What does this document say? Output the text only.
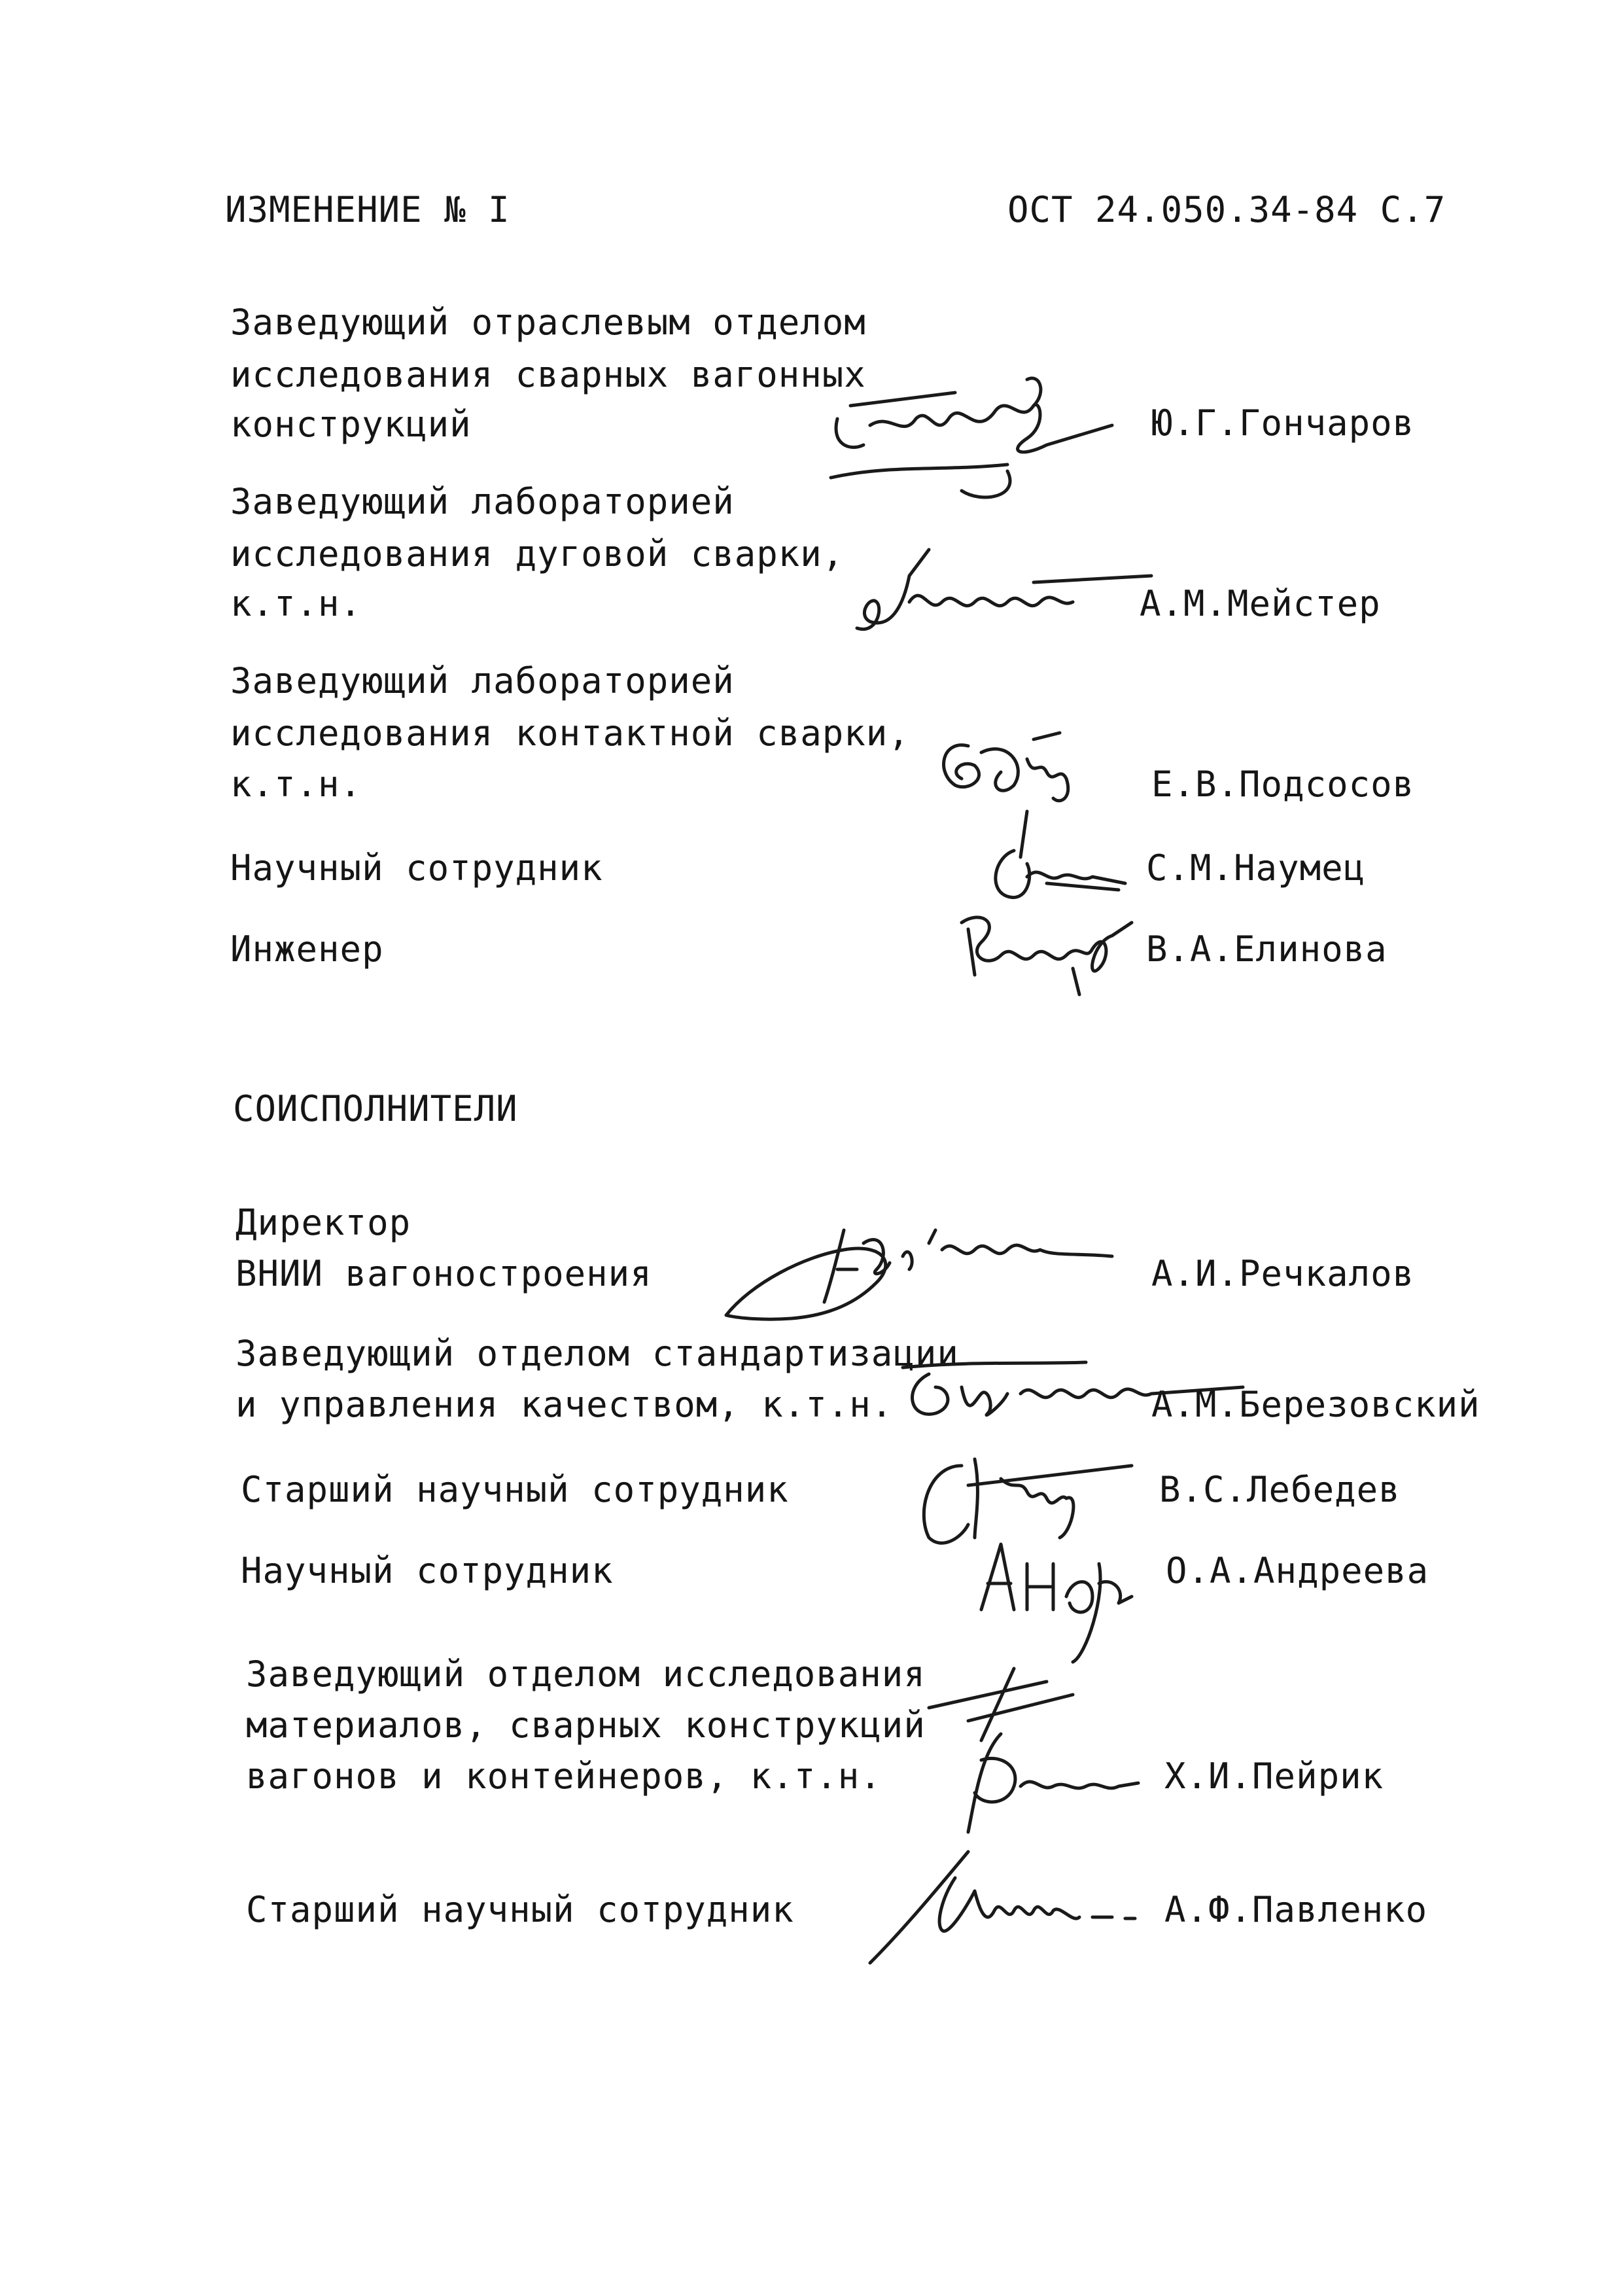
ИЗМЕНЕНИЕ № I	ОСТ 24.050.34-84 С.7
Заведующий отраслевым отделом
исследования сварных вагонных
конструкций	Ю.Г.Гончаров
Заведующий лабораторией
исследования дуговой сварки,
к.т.н.	А.М.Мейстер
Заведующий лабораторией
исследования контактной сварки,
к.т.н.	Е.В.Подсосов
Научный сотрудник	С.М.Наумец
Инженер	В.А.Елинова
СОИСПОЛНИТЕЛИ
Директор
ВНИИ вагоностроения	А.И.Речкалов
Заведующий отделом стандартизации
и управления качеством, к.т.н.	А.М.Березовский
Старший научный сотрудник	В.С.Лебедев
Научный сотрудник	О.А.Андреева
Заведующий отделом исследования
материалов, сварных конструкций
вагонов и контейнеров, к.т.н.	Х.И.Пейрик
Старший научный сотрудник	А.Ф.Павленко
